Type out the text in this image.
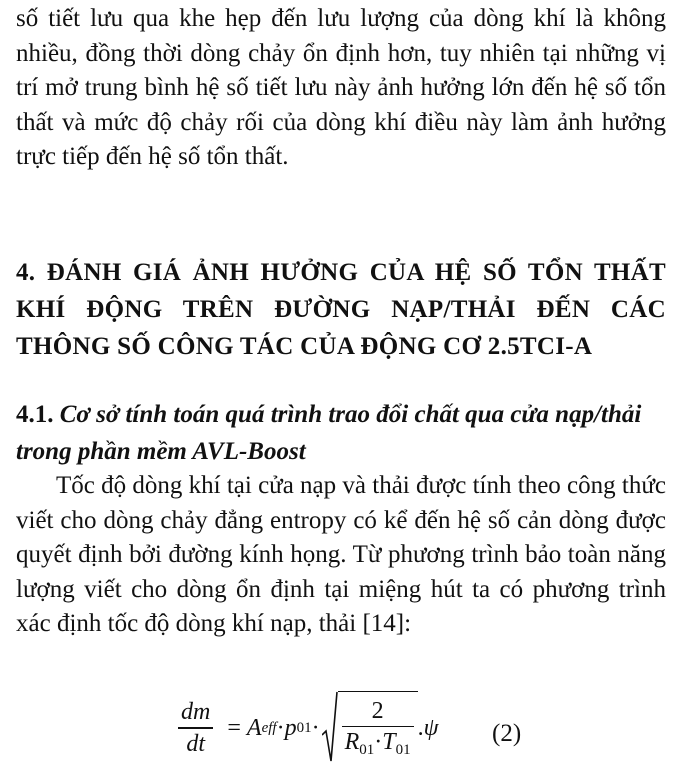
số tiết lưu qua khe hẹp đến lưu lượng của dòng khí là không nhiều, đồng thời dòng chảy ổn định hơn, tuy nhiên tại những vị trí mở trung bình hệ số tiết lưu này ảnh hưởng lớn đến hệ số tổn thất và mức độ chảy rối của dòng khí điều này làm ảnh hưởng trực tiếp đến hệ số tổn thất.

4. ĐÁNH GIÁ ẢNH HƯỞNG CỦA HỆ SỐ TỔN THẤT KHÍ ĐỘNG TRÊN ĐƯỜNG NẠP/THẢI ĐẾN CÁC THÔNG SỐ CÔNG TÁC CỦA ĐỘNG CƠ 2.5TCI-A

4.1. Cơ sở tính toán quá trình trao đổi chất qua cửa nạp/thải trong phần mềm AVL-Boost

Tốc độ dòng khí tại cửa nạp và thải được tính theo công thức viết cho dòng chảy đẳng entropy có kể đến hệ số cản dòng được quyết định bởi đường kính họng. Từ phương trình bảo toàn năng lượng viết cho dòng ổn định tại miệng hút ta có phương trình xác định tốc độ dòng khí nạp, thải [14]:

$\frac{dm}{dt} = A$ eff · p $01 \cdot \frac{2}{R_{01}\cdot T_{01}}$ . ψ (2)
